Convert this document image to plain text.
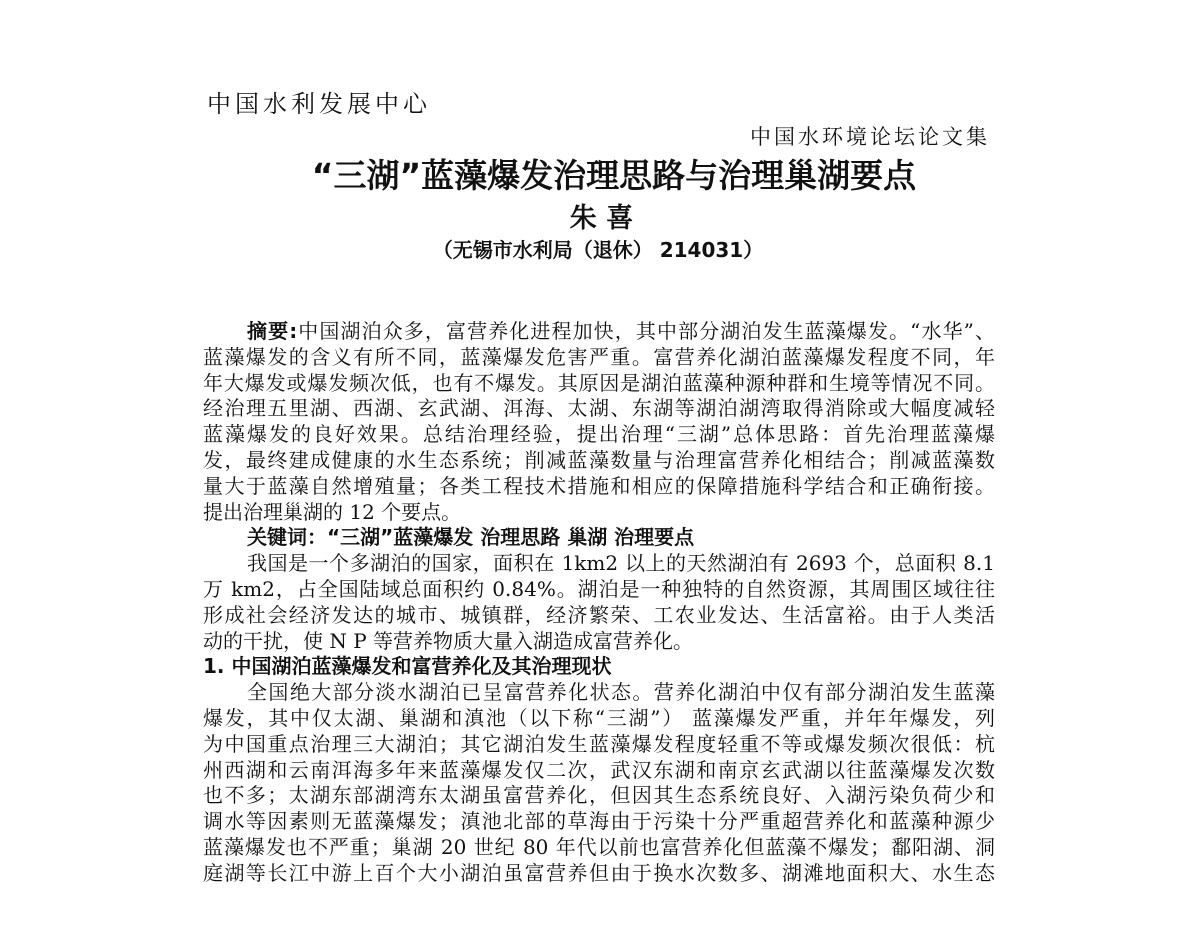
中国水利发展中心
中国水环境论坛论文集
“三湖”蓝藻爆发治理思路与治理巢湖要点
朱 喜
（无锡市水利局（退休） 214031）
摘要:中国湖泊众多，富营养化进程加快，其中部分湖泊发生蓝藻爆发。“水华”、
蓝藻爆发的含义有所不同，蓝藻爆发危害严重。富营养化湖泊蓝藻爆发程度不同，年
年大爆发或爆发频次低，也有不爆发。其原因是湖泊蓝藻种源种群和生境等情况不同。
经治理五里湖、西湖、玄武湖、洱海、太湖、东湖等湖泊湖湾取得消除或大幅度减轻
蓝藻爆发的良好效果。总结治理经验，提出治理“三湖”总体思路：首先治理蓝藻爆
发，最终建成健康的水生态系统；削减蓝藻数量与治理富营养化相结合；削减蓝藻数
量大于蓝藻自然增殖量；各类工程技术措施和相应的保障措施科学结合和正确衔接。
提出治理巢湖的 12 个要点。
关键词：“三湖”蓝藻爆发 治理思路 巢湖 治理要点
我国是一个多湖泊的国家，面积在 1km2 以上的天然湖泊有 2693 个，总面积 8.1
万 km2，占全国陆域总面积约 0.84%。湖泊是一种独特的自然资源，其周围区域往往
形成社会经济发达的城市、城镇群，经济繁荣、工农业发达、生活富裕。由于人类活
动的干扰，使 N P 等营养物质大量入湖造成富营养化。
1. 中国湖泊蓝藻爆发和富营养化及其治理现状
全国绝大部分淡水湖泊已呈富营养化状态。营养化湖泊中仅有部分湖泊发生蓝藻
爆发，其中仅太湖、巢湖和滇池（以下称“三湖”） 蓝藻爆发严重，并年年爆发，列
为中国重点治理三大湖泊；其它湖泊发生蓝藻爆发程度轻重不等或爆发频次很低：杭
州西湖和云南洱海多年来蓝藻爆发仅二次，武汉东湖和南京玄武湖以往蓝藻爆发次数
也不多；太湖东部湖湾东太湖虽富营养化，但因其生态系统良好、入湖污染负荷少和
调水等因素则无蓝藻爆发；滇池北部的草海由于污染十分严重超营养化和蓝藻种源少
蓝藻爆发也不严重；巢湖 20 世纪 80 年代以前也富营养化但蓝藻不爆发；鄱阳湖、洞
庭湖等长江中游上百个大小湖泊虽富营养但由于换水次数多、湖滩地面积大、水生态
